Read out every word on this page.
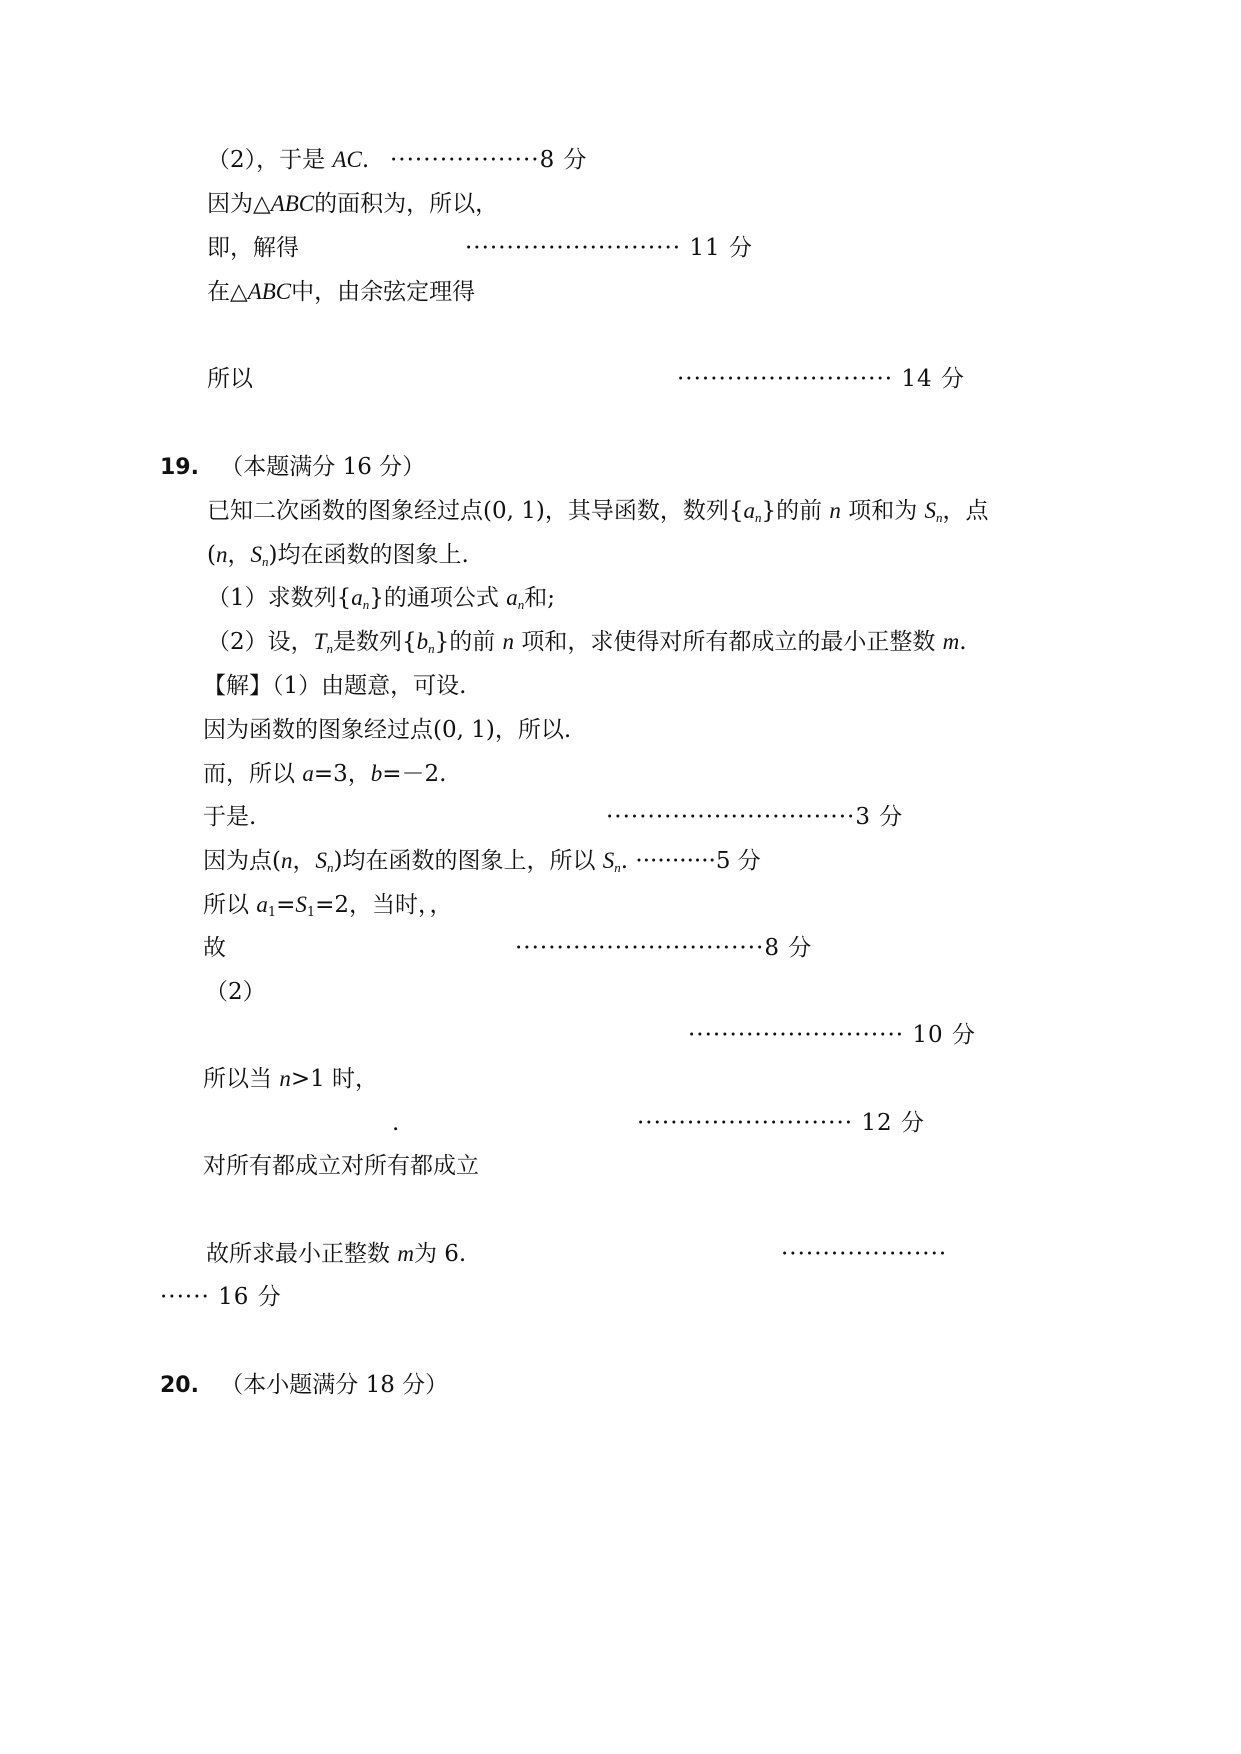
（2），于是 AC. ··················8 分
因为△ABC的面积为，所以，
即，解得	·························· 11 分
在△ABC中，由余弦定理得
所以	·························· 14 分
19. （本题满分 16 分）
已知二次函数的图象经过点(0, 1)，其导函数，数列$\{a_n\}$的前 n 项和为 $S_n$，点
(n，$S_n$)均在函数的图象上.
（1）求数列$\{a_n\}$的通项公式 $a_n$和;
（2）设，$T_n$是数列$\{b_n\}$的前 n 项和，求使得对所有都成立的最小正整数 m.
【解】（1）由题意，可设.
因为函数的图象经过点(0, 1)，所以.
而，所以 a=3，b=－2.
于是.	······························3 分
因为点(n，$S_n$)均在函数的图象上，所以 $S_n$. ···········5 分
所以 $a_1=S_1=2$，当时，，
故	······························8 分
（2）
·························· 10 分
所以当 n>1 时，
.	·························· 12 分
对所有都成立对所有都成立
故所求最小正整数 m为 6.	····················
······ 16 分
20. （本小题满分 18 分）
